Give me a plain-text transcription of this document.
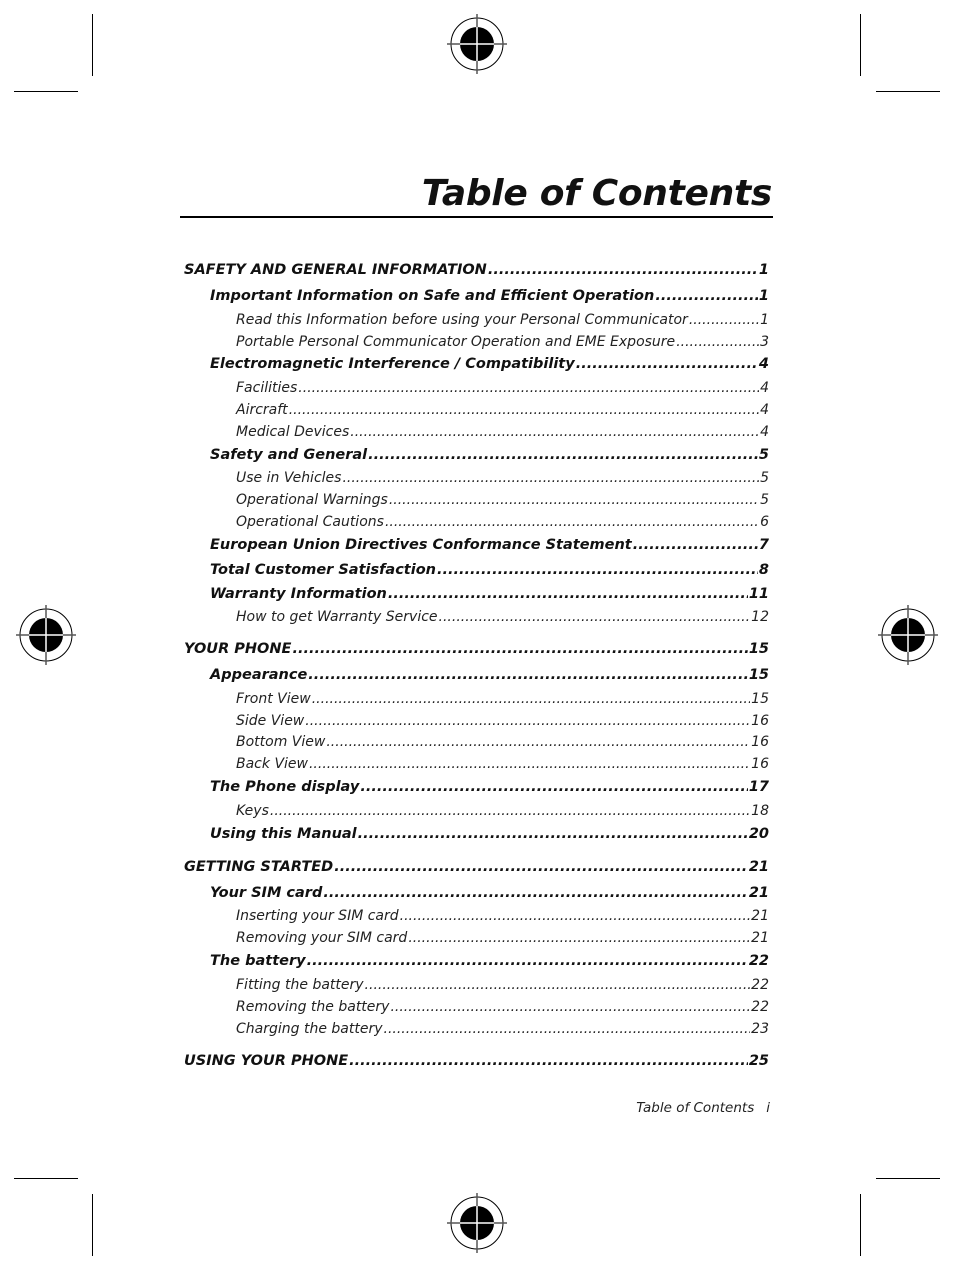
Table of Contents
SAFETY AND GENERAL INFORMATION .....	1
Important Information on Safe and Efficient Operation .....	1
Read this Information before using your Personal Communicator .....	1
Portable Personal Communicator Operation and EME Exposure .....	3
Electromagnetic Interference / Compatibility .....	4
Facilities .....	4
Aircraft .....	4
Medical Devices .....	4
Safety and General .....	5
Use in Vehicles .....	5
Operational Warnings .....	5
Operational Cautions .....	6
European Union Directives Conformance Statement .....	7
Total Customer Satisfaction .....	8
Warranty Information .....	11
How to get Warranty Service .....	12
YOUR PHONE .....	15
Appearance .....	15
Front View .....	15
Side View .....	16
Bottom View .....	16
Back View .....	16
The Phone display .....	17
Keys .....	18
Using this Manual .....	20
GETTING STARTED .....	21
Your SIM card .....	21
Inserting your SIM card .....	21
Removing your SIM card .....	21
The battery .....	22
Fitting the battery .....	22
Removing the battery .....	22
Charging the battery .....	23
USING YOUR PHONE .....	25
Table of Contents i
